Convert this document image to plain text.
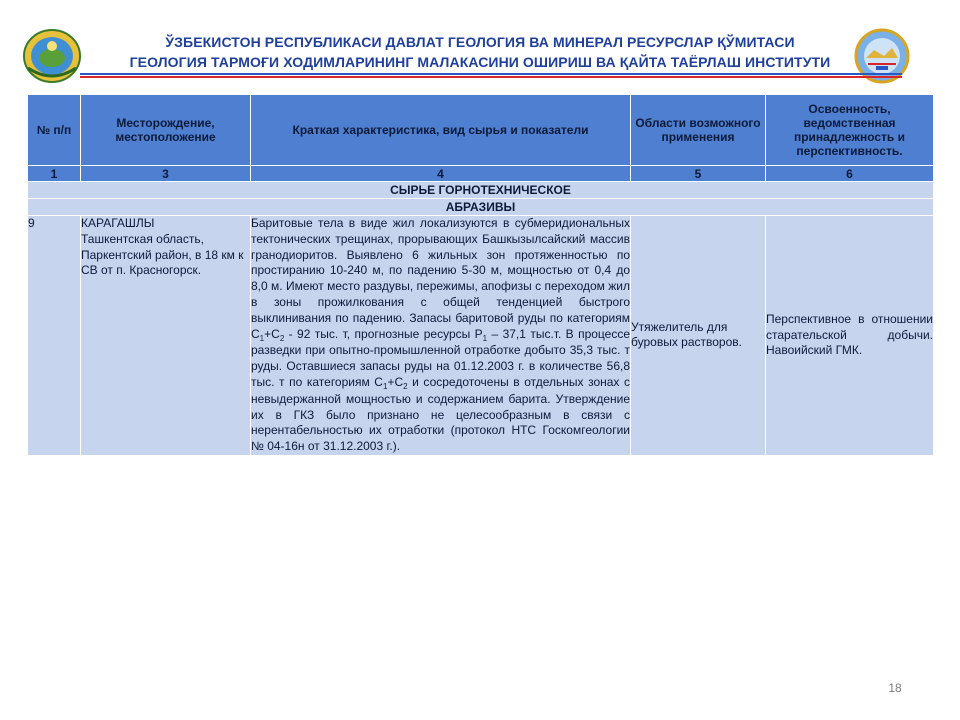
ЎЗБЕКИСТОН РЕСПУБЛИКАСИ ДАВЛАТ ГЕОЛОГИЯ ВА МИНЕРАЛ РЕСУРСЛАР ҚЎМИТАСИ
ГЕОЛОГИЯ ТАРМОҒИ ХОДИМЛАРИНИНГ МАЛАКАСИНИ ОШИРИШ ВА ҚАЙТА ТАЁРЛАШ ИНСТИТУТИ
№ п/п	Месторождение, местоположение	Краткая характеристика, вид сырья и показатели	Области возможного применения	Освоенность, ведомственная принадлежность и перспективность.
1	3	4	5	6
СЫРЬЕ ГОРНОТЕХНИЧЕСКОЕ				
АБРАЗИВЫ				
9	КАРАГАШЛЫ
Ташкентская область, Паркентский район, в 18 км к СВ от п. Красногорск.	Баритовые тела в виде жил локализуются в субмеридиональных тектонических трещинах, прорывающих Башкызылсайский массив гранодиоритов. Выявлено 6 жильных зон протяженностью по простиранию 10-240 м, по падению 5-30 м, мощностью от 0,4 до 8,0 м. Имеют место раздувы, пережимы, апофизы с переходом жил в зоны прожилкования с общей тенденцией быстрого выклинивания по падению. Запасы баритовой руды по категориям $С_1+С_2 - 92$ тыс. т, прогнозные ресурсы $Р_1 - 37,1$ тыс.т. В процессе разведки при опытно-промышленной отработке добыто 35,3 тыс. т руды. Оставшиеся запасы руды на 01.12.2003 г. в количестве 56,8 тыс. т по категориям $С_1+С_2$ и сосредоточены в отдельных зонах с невыдержанной мощностью и содержанием барита. Утверждение их в ГКЗ было признано не целесообразным в связи с нерентабельностью их отработки (протокол НТС Госкомгеологии № 04-16н от 31.12.2003 г.).	Утяжелитель для буровых растворов.	Перспективное в отношении старательской добычи. Навоийский ГМК.
18
